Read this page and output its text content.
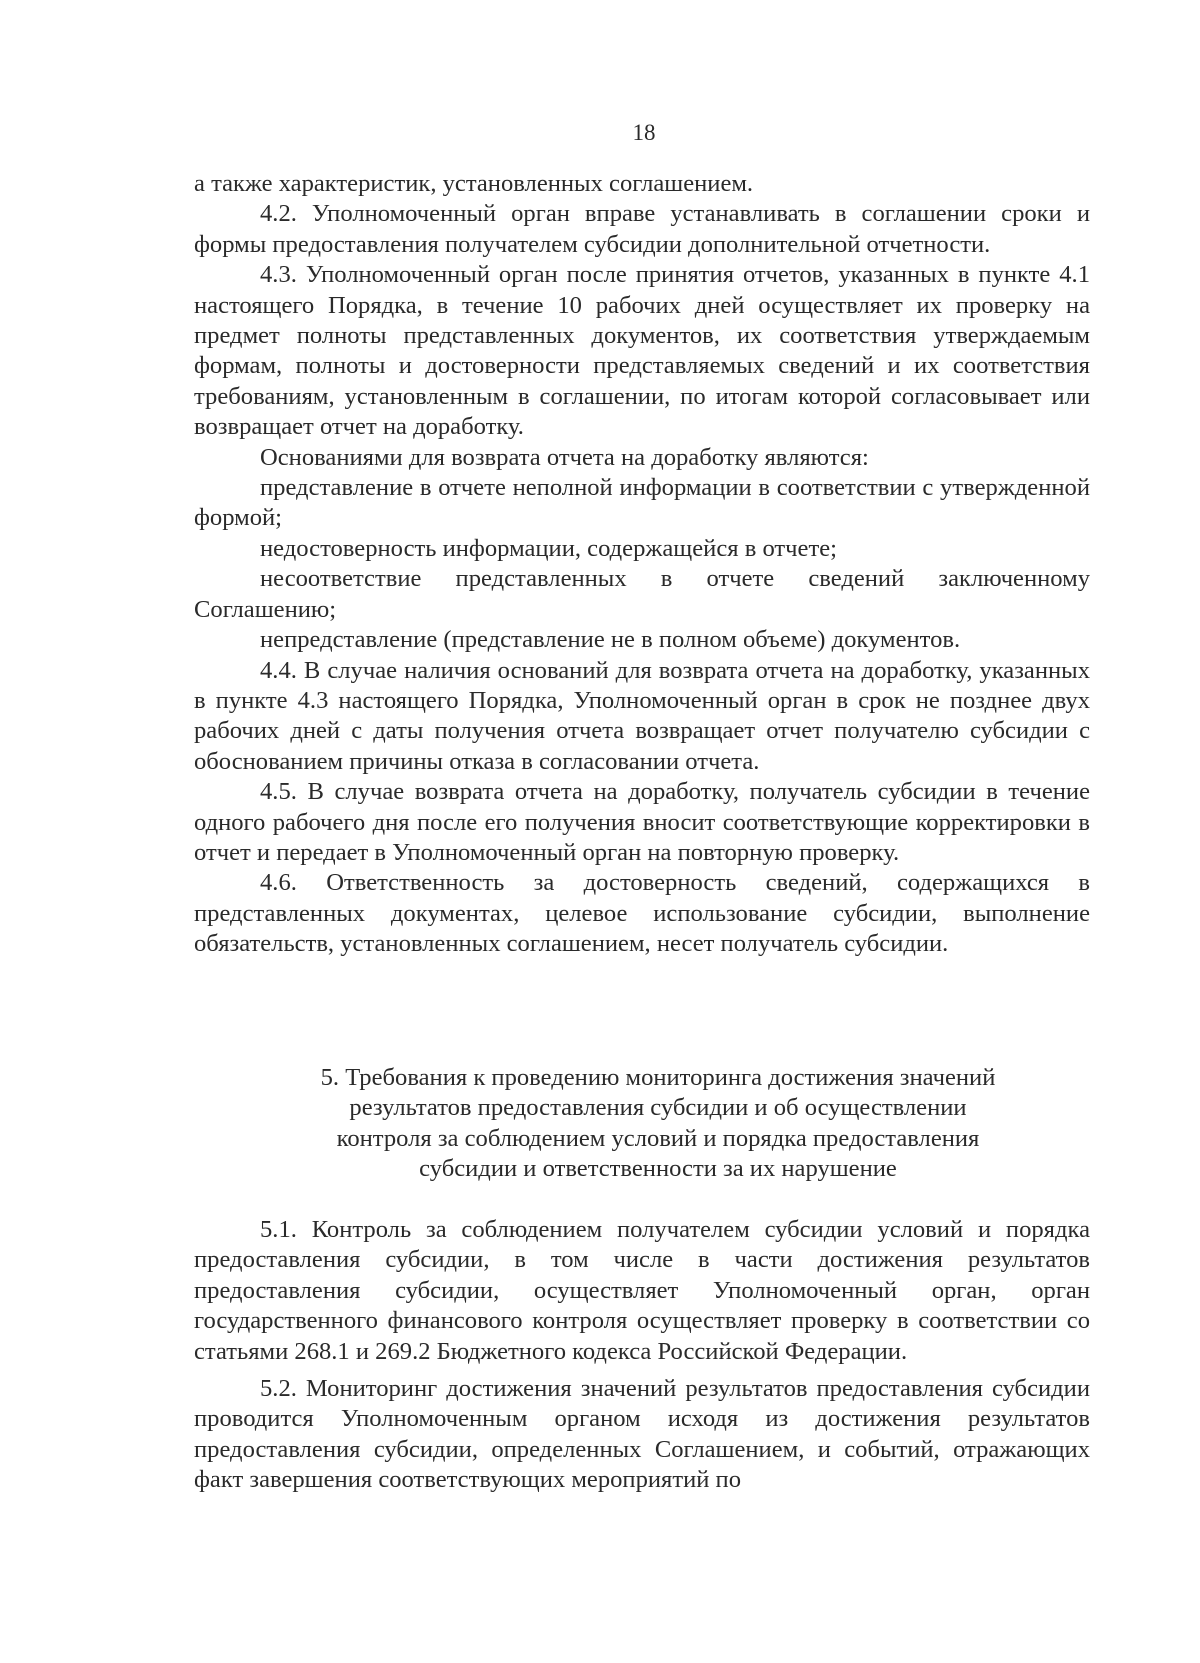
18

а также характеристик, установленных соглашением.

4.2. Уполномоченный орган вправе устанавливать в соглашении сроки и формы предоставления получателем субсидии дополнительной отчетности.

4.3. Уполномоченный орган после принятия отчетов, указанных в пункте 4.1 настоящего Порядка, в течение 10 рабочих дней осуществляет их проверку на предмет полноты представленных документов, их соответствия утверждаемым формам, полноты и достоверности представляемых сведений и их соответствия требованиям, установленным в соглашении, по итогам которой согласовывает или возвращает отчет на доработку.

Основаниями для возврата отчета на доработку являются:

представление в отчете неполной информации в соответствии с утвержденной формой;

недостоверность информации, содержащейся в отчете;

несоответствие представленных в отчете сведений заключенному Соглашению;

непредставление (представление не в полном объеме) документов.

4.4. В случае наличия оснований для возврата отчета на доработку, указанных в пункте 4.3 настоящего Порядка, Уполномоченный орган в срок не позднее двух рабочих дней с даты получения отчета возвращает отчет получателю субсидии с обоснованием причины отказа в согласовании отчета.

4.5. В случае возврата отчета на доработку, получатель субсидии в течение одного рабочего дня после его получения вносит соответствующие корректировки в отчет и передает в Уполномоченный орган на повторную проверку.

4.6. Ответственность за достоверность сведений, содержащихся в представленных документах, целевое использование субсидии, выполнение обязательств, установленных соглашением, несет получатель субсидии.

5. Требования к проведению мониторинга достижения значений
результатов предоставления субсидии и об осуществлении
контроля за соблюдением условий и порядка предоставления
субсидии и ответственности за их нарушение

5.1. Контроль за соблюдением получателем субсидии условий и порядка предоставления субсидии, в том числе в части достижения результатов предоставления субсидии, осуществляет Уполномоченный орган, орган государственного финансового контроля осуществляет проверку в соответствии со статьями 268.1 и 269.2 Бюджетного кодекса Российской Федерации.

5.2. Мониторинг достижения значений результатов предоставления субсидии проводится Уполномоченным органом исходя из достижения результатов предоставления субсидии, определенных Соглашением, и событий, отражающих факт завершения соответствующих мероприятий по
